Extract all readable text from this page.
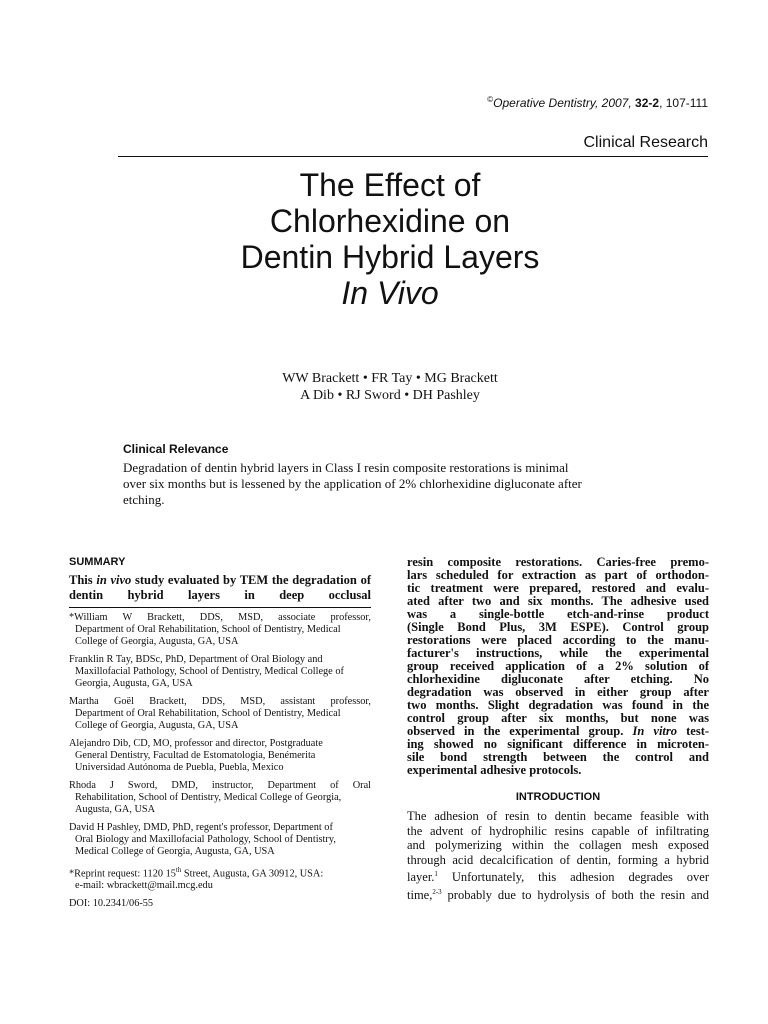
©Operative Dentistry, 2007, 32-2, 107-111
Clinical Research
The Effect of
Chlorhexidine on
Dentin Hybrid Layers
In Vivo
WW Brackett • FR Tay • MG Brackett
A Dib • RJ Sword • DH Pashley
Clinical Relevance
Degradation of dentin hybrid layers in Class I resin composite restorations is minimal
over six months but is lessened by the application of 2% chlorhexidine digluconate after
etching.
SUMMARY
This in vivo study evaluated by TEM the degradation of dentin hybrid layers in deep occlusal
*William W Brackett, DDS, MSD, associate professor,
Department of Oral Rehabilitation, School of Dentistry, Medical
College of Georgia, Augusta, GA, USA
Franklin R Tay, BDSc, PhD, Department of Oral Biology and
Maxillofacial Pathology, School of Dentistry, Medical College of
Georgia, Augusta, GA, USA
Martha Goël Brackett, DDS, MSD, assistant professor,
Department of Oral Rehabilitation, School of Dentistry, Medical
College of Georgia, Augusta, GA, USA
Alejandro Dib, CD, MO, professor and director, Postgraduate
General Dentistry, Facultad de Estomatologia, Benémerita
Universidad Autónoma de Puebla, Puebla, Mexico
Rhoda J Sword, DMD, instructor, Department of Oral
Rehabilitation, School of Dentistry, Medical College of Georgia,
Augusta, GA, USA
David H Pashley, DMD, PhD, regent's professor, Department of
Oral Biology and Maxillofacial Pathology, School of Dentistry,
Medical College of Georgia, Augusta, GA, USA
*Reprint request: 1120 15th Street, Augusta, GA 30912, USA:
e-mail: wbrackett@mail.mcg.edu
DOI: 10.2341/06-55
resin composite restorations. Caries-free premo-
lars scheduled for extraction as part of orthodon-
tic treatment were prepared, restored and evalu-
ated after two and six months. The adhesive used
was a single-bottle etch-and-rinse product
(Single Bond Plus, 3M ESPE). Control group
restorations were placed according to the manu-
facturer's instructions, while the experimental
group received application of a 2% solution of
chlorhexidine digluconate after etching. No
degradation was observed in either group after
two months. Slight degradation was found in the
control group after six months, but none was
observed in the experimental group. In vitro test-
ing showed no significant difference in microten-
sile bond strength between the control and
experimental adhesive protocols.
INTRODUCTION
The adhesion of resin to dentin became feasible with
the advent of hydrophilic resins capable of infiltrating
and polymerizing within the collagen mesh exposed
through acid decalcification of dentin, forming a hybrid
layer.$^1$ Unfortunately, this adhesion degrades over
time,$^{2-3}$ probably due to hydrolysis of both the resin and
